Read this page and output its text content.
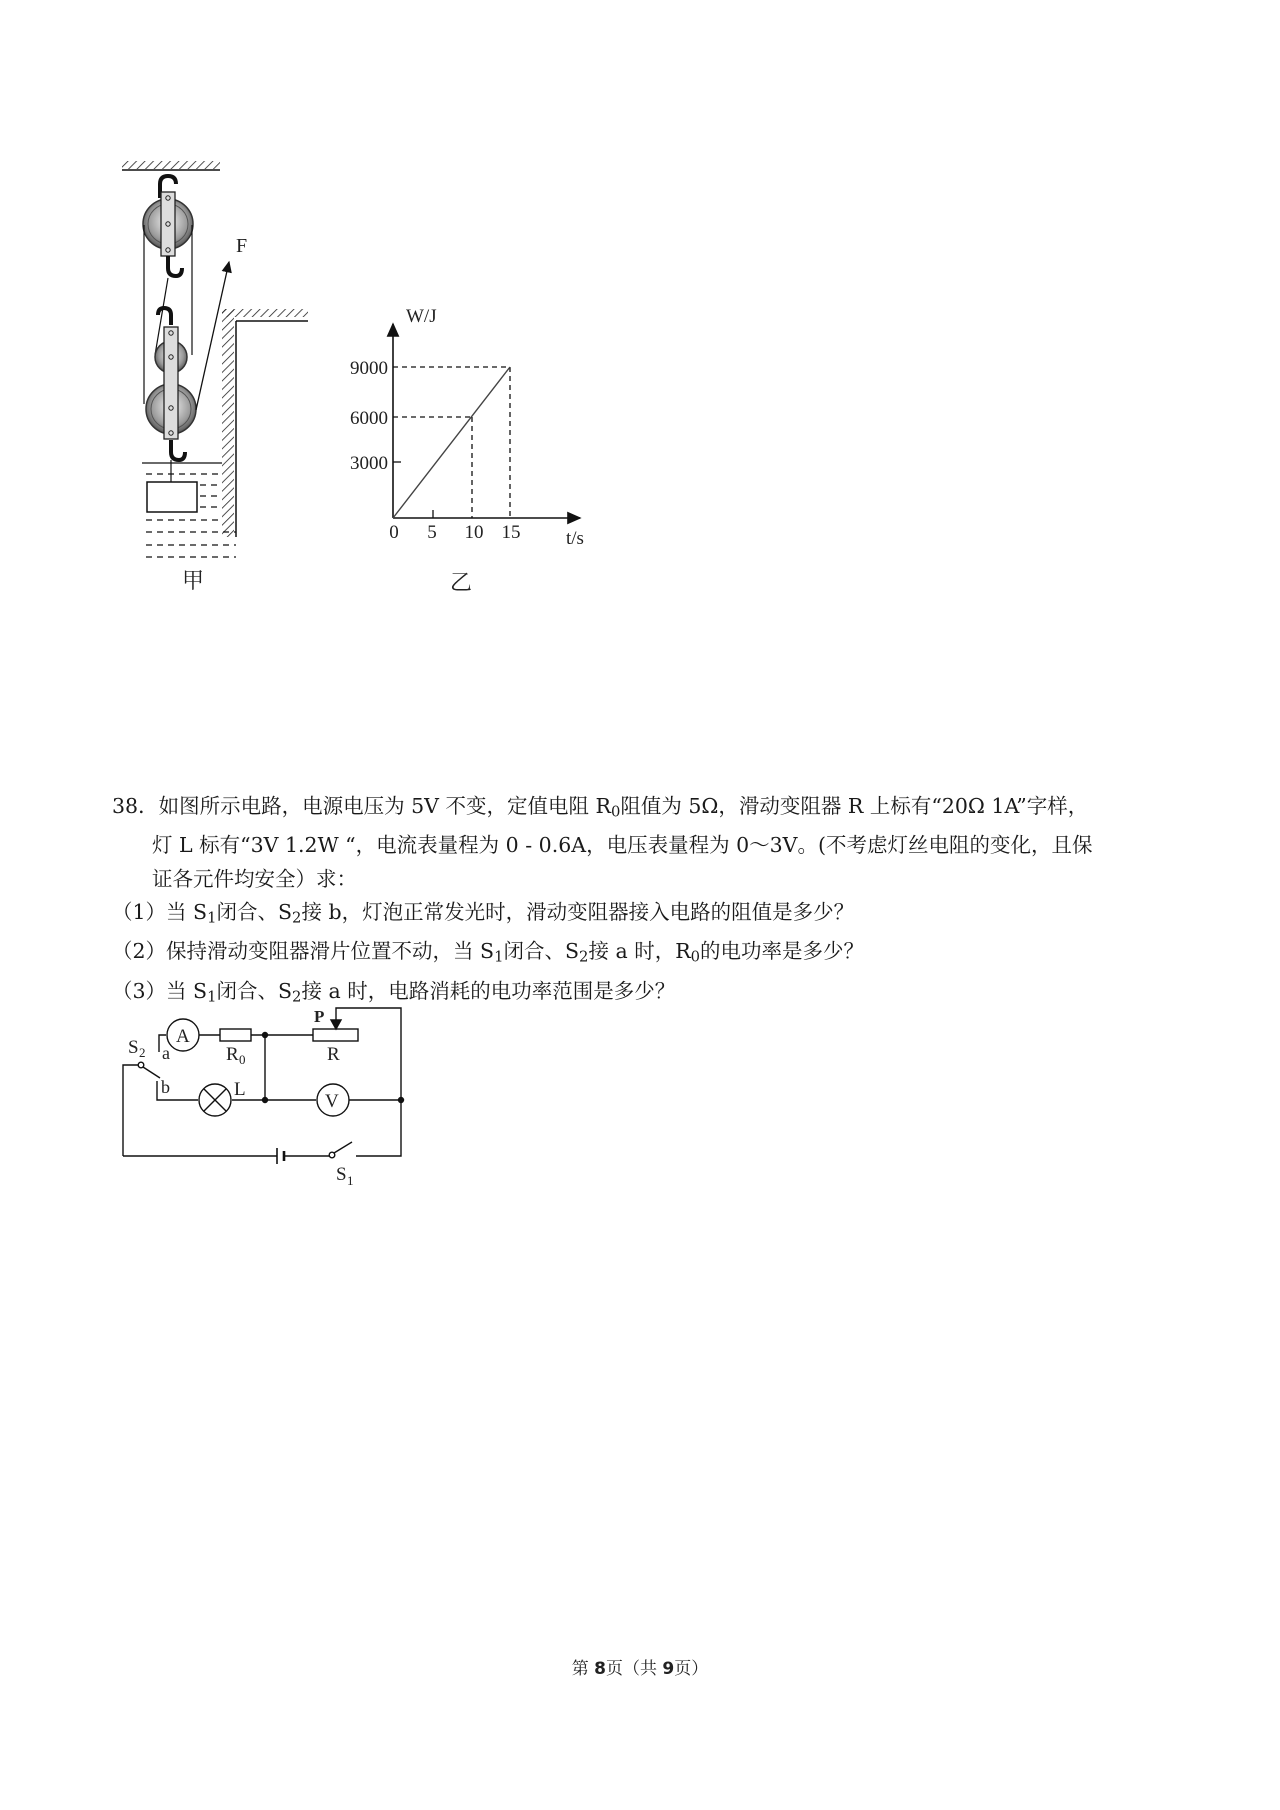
F
甲
W/J
t/s
3000
6000
9000
0 5 10 15
乙
A
V
R 0	R
P
L
S 2 a
b
S 1

38．如图所示电路，电源电压为 5V 不变，定值电阻 $R_0$阻值为 5Ω，滑动变阻器 R 上标有“20Ω 1A”字样，

灯 L 标有“3V 1.2W “，电流表量程为 0 - 0.6A，电压表量程为 0～3V。(不考虑灯丝电阻的变化，且保

证各元件均安全）求：

（1）当 $S_1$闭合、$S_2$接 b，灯泡正常发光时，滑动变阻器接入电路的阻值是多少？

（2）保持滑动变阻器滑片位置不动，当 $S_1$闭合、$S_2$接 a 时，$R_0$的电功率是多少？

（3）当 $S_1$闭合、$S_2$接 a 时，电路消耗的电功率范围是多少？

第 8页（共 9页）
